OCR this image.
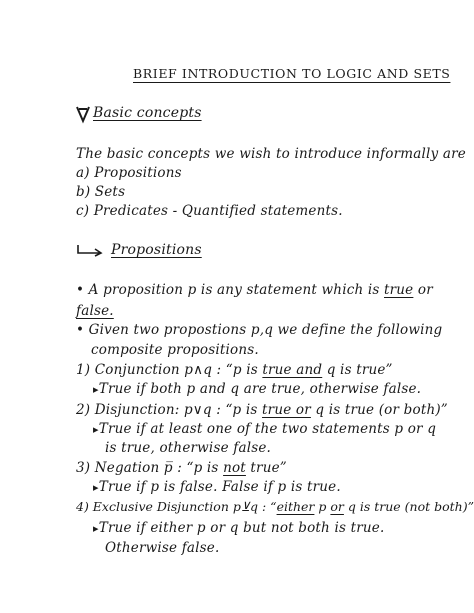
BRIEF INTRODUCTION TO LOGIC AND SETS
Basic concepts
The basic concepts we wish to introduce informally are
a) Propositions
b) Sets
c) Predicates - Quantified statements.
Propositions
• A proposition p is any statement which is true or
false.
• Given two propostions p,q we define the following
composite propositions.
1) Conjunction p∧q : “p is true and q is true”
▸True if both p and q are true, otherwise false.
2) Disjunction: p∨q : “p is true or q is true (or both)”
▸True if at least one of the two statements p or q
is true, otherwise false.
3) Negation p̅ : “p is not true”
▸True if p is false. False if p is true.
4) Exclusive Disjunction p⊻q : “either p or q is true (not both)”
▸True if either p or q but not both is true.
Otherwise false.
